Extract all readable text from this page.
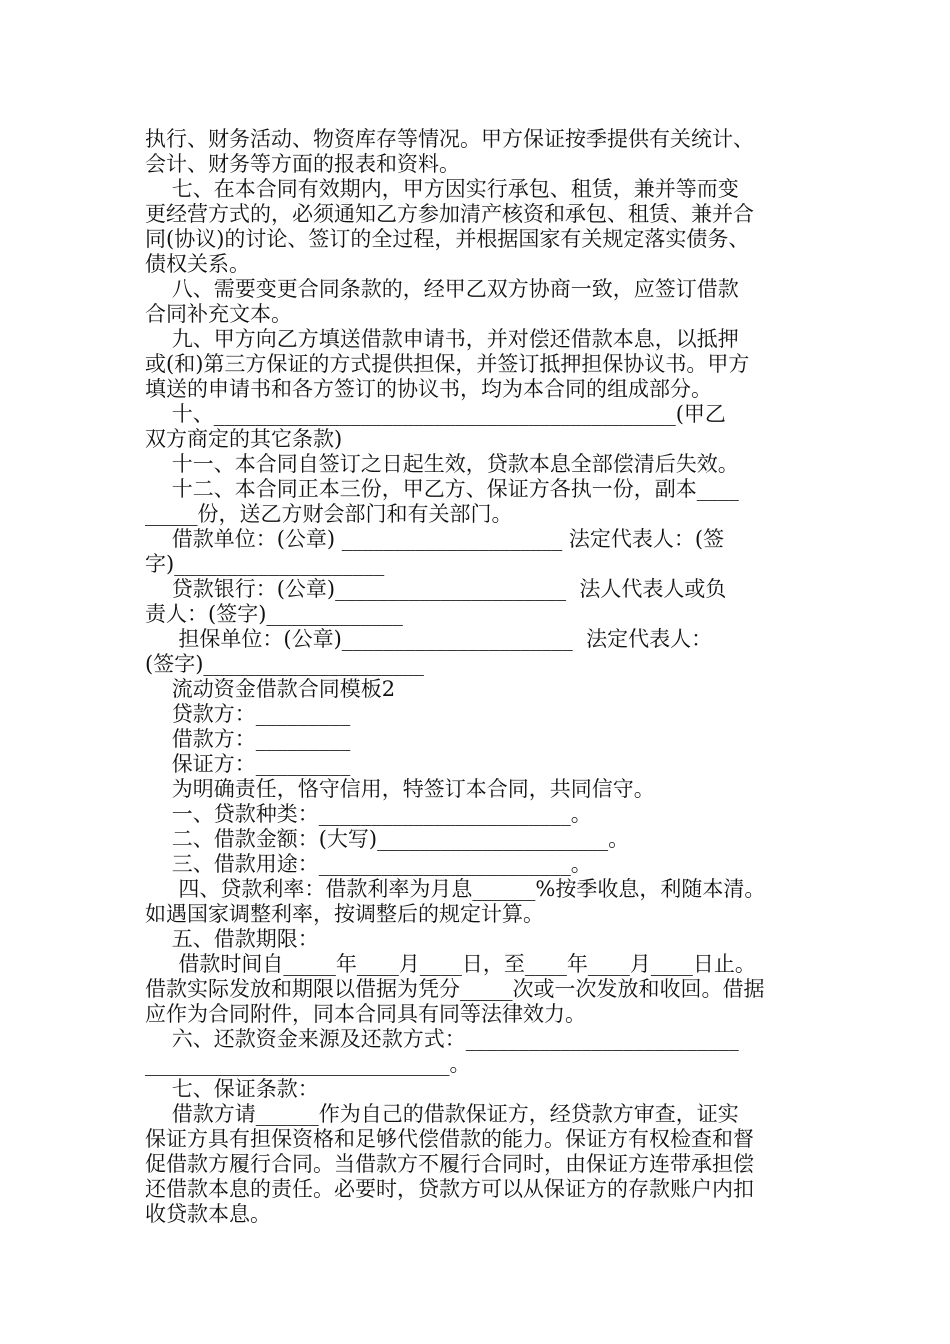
执行、财务活动、物资库存等情况。甲方保证按季提供有关统计、

会计、财务等方面的报表和资料。

七、在本合同有效期内，甲方因实行承包、租赁，兼并等而变

更经营方式的，必须通知乙方参加清产核资和承包、租赁、兼并合

同(协议)的讨论、签订的全过程，并根据国家有关规定落实债务、

债权关系。

八、需要变更合同条款的，经甲乙双方协商一致，应签订借款

合同补充文本。

九、甲方向乙方填送借款申请书，并对偿还借款本息，以抵押

或(和)第三方保证的方式提供担保，并签订抵押担保协议书。甲方

填送的申请书和各方签订的协议书，均为本合同的组成部分。

十、____________________________________________(甲乙

双方商定的其它条款)

十一、本合同自签订之日起生效，贷款本息全部偿清后失效。

十二、本合同正本三份，甲乙方、保证方各执一份，副本____

_____份，送乙方财会部门和有关部门。

借款单位：(公章) _____________________ 法定代表人：(签

字)____________________

贷款银行：(公章)______________________  法人代表人或负

责人：(签字)_____________

担保单位：(公章)______________________  法定代表人：

(签字)_____________________

流动资金借款合同模板2

贷款方：_________

借款方：_________

保证方：_________

为明确责任，恪守信用，特签订本合同，共同信守。

一、贷款种类：________________________。

二、借款金额：(大写)______________________。

三、借款用途：________________________。

四、贷款利率：借款利率为月息______%按季收息，利随本清。

如遇国家调整利率，按调整后的规定计算。

五、借款期限：

借款时间自_____年____月____日，至____年____月____日止。

借款实际发放和期限以借据为凭分_____次或一次发放和收回。借据

应作为合同附件，同本合同具有同等法律效力。

六、还款资金来源及还款方式：__________________________

_____________________________。

七、保证条款：

借款方请______作为自己的借款保证方，经贷款方审查，证实

保证方具有担保资格和足够代偿借款的能力。保证方有权检查和督

促借款方履行合同。当借款方不履行合同时，由保证方连带承担偿

还借款本息的责任。必要时，贷款方可以从保证方的存款账户内扣

收贷款本息。
